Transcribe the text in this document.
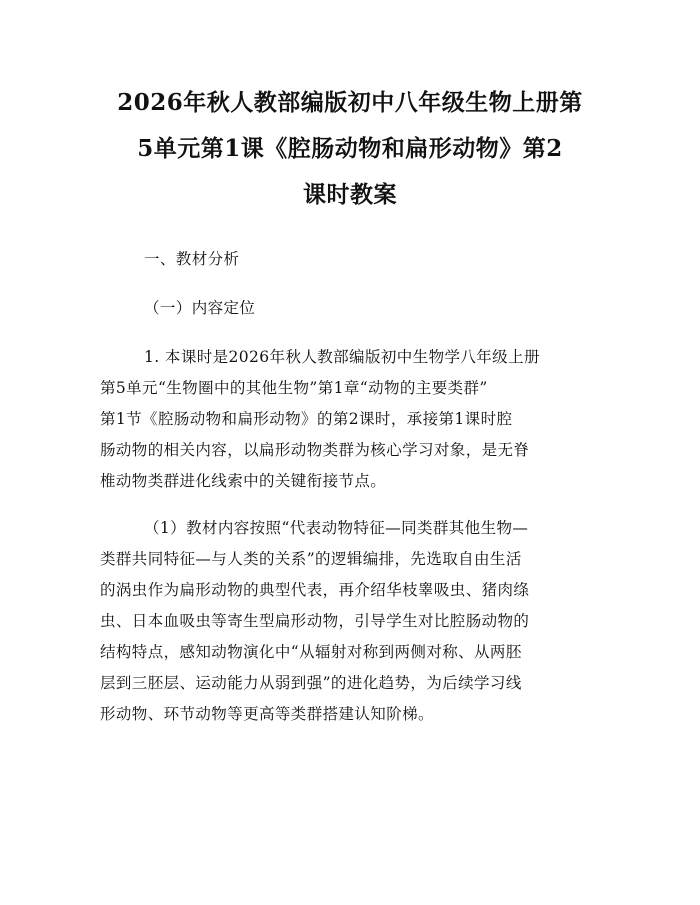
2026年秋人教部编版初中八年级生物上册第
5单元第1课《腔肠动物和扁形动物》第2
课时教案

一、教材分析

（一）内容定位

1. 本课时是2026年秋人教部编版初中生物学八年级上册
第5单元“生物圈中的其他生物”第1章“动物的主要类群”
第1节《腔肠动物和扁形动物》的第2课时，承接第1课时腔
肠动物的相关内容，以扁形动物类群为核心学习对象，是无脊
椎动物类群进化线索中的关键衔接节点。

（1）教材内容按照“代表动物特征—同类群其他生物—
类群共同特征—与人类的关系”的逻辑编排，先选取自由生活
的涡虫作为扁形动物的典型代表，再介绍华枝睾吸虫、猪肉绦
虫、日本血吸虫等寄生型扁形动物，引导学生对比腔肠动物的
结构特点，感知动物演化中“从辐射对称到两侧对称、从两胚
层到三胚层、运动能力从弱到强”的进化趋势，为后续学习线
形动物、环节动物等更高等类群搭建认知阶梯。
